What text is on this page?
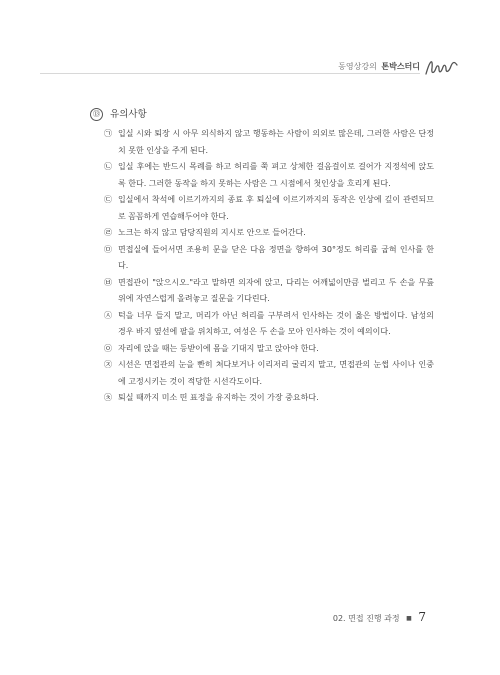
동영상강의 톤박스터디
⑬ 유의사항
㉠ 입실 시와 퇴장 시 아무 의식하지 않고 행동하는 사람이 의외로 많은데, 그러한 사람은 단정치 못한 인상을 주게 된다.
㉡ 입실 후에는 반드시 목례를 하고 허리를 쭉 펴고 상체한 걸음걸이로 걸어가 지정석에 앉도록 한다. 그러한 동작을 하지 못하는 사람은 그 시점에서 첫인상을 흐리게 된다.
㉢ 입실에서 착석에 이르기까지의 종료 후 퇴실에 이르기까지의 동작은 인상에 깊이 관련되므로 꼼꼼하게 연습해두어야 한다.
㉣ 노크는 하지 않고 담당직원의 지시로 안으로 들어간다.
㉤ 면접실에 들어서면 조용히 문을 닫은 다음 정면을 향하여 30°정도 허리를 굽혀 인사를 한다.
㉥ 면접관이 "앉으시오."라고 말하면 의자에 앉고, 다리는 어깨넓이만큼 벌리고 두 손을 무릎 위에 자연스럽게 올려놓고 질문을 기다린다.
㉦ 턱을 너무 들지 말고, 머리가 아닌 허리를 구부려서 인사하는 것이 옳은 방법이다. 남성의 경우 바지 옆선에 팔을 위치하고, 여성은 두 손을 모아 인사하는 것이 예의이다.
㉧ 자리에 앉을 때는 등받이에 몸을 기대지 말고 앉아야 한다.
㉨ 시선은 면접관의 눈을 빤히 쳐다보거나 이리저리 굴리지 말고, 면접관의 눈썹 사이나 인중에 고정시키는 것이 적당한 시선각도이다.
㉩ 퇴실 때까지 미소 띤 표정을 유지하는 것이 가장 중요하다.
02. 면접 진행 과정 ■ 7
